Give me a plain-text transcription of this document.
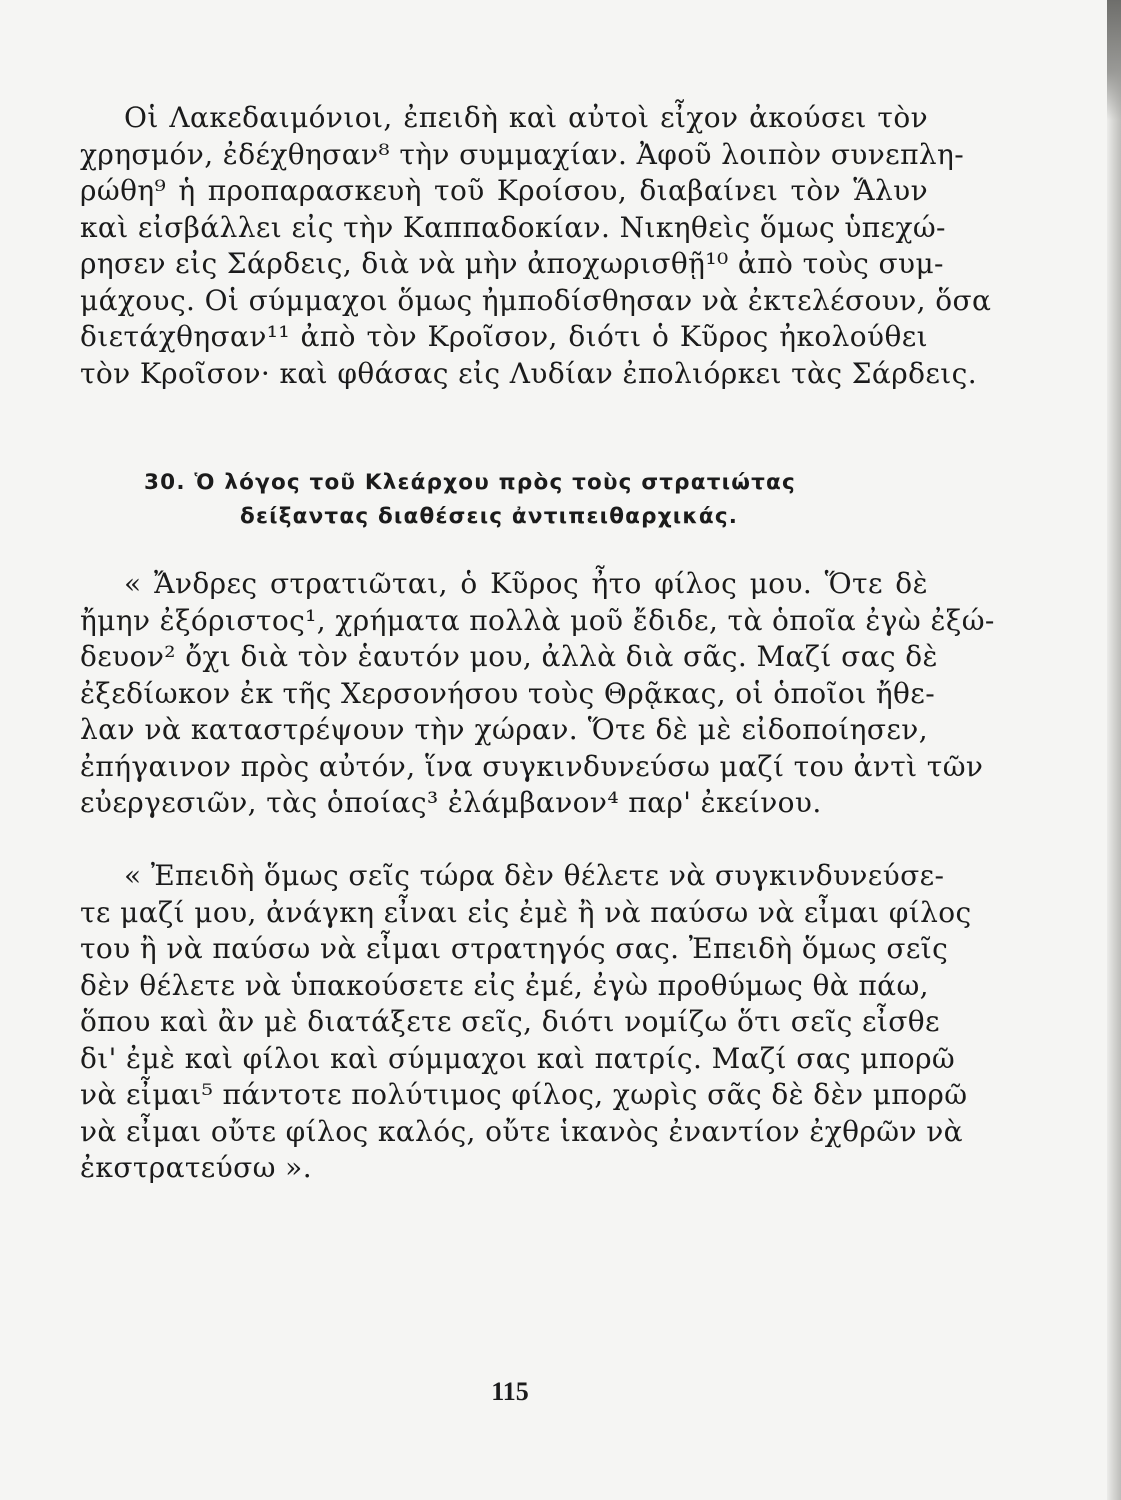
Οἱ Λακεδαιμόνιοι, ἐπειδὴ καὶ αὐτοὶ εἶχον ἀκούσει τὸν
χρησμόν, ἐδέχθησαν⁸ τὴν συμμαχίαν. Ἀφοῦ λοιπὸν συνεπλη-
ρώθη⁹ ἡ προπαρασκευὴ τοῦ Κροίσου, διαβαίνει τὸν Ἅλυν
καὶ εἰσβάλλει εἰς τὴν Καππαδοκίαν. Νικηθεὶς ὅμως ὑπεχώ-
ρησεν εἰς Σάρδεις, διὰ νὰ μὴν ἀποχωρισθῇ¹⁰ ἀπὸ τοὺς συμ-
μάχους. Οἱ σύμμαχοι ὅμως ἠμποδίσθησαν νὰ ἐκτελέσουν, ὅσα
διετάχθησαν¹¹ ἀπὸ τὸν Κροῖσον, διότι ὁ Κῦρος ἠκολούθει
τὸν Κροῖσον· καὶ φθάσας εἰς Λυδίαν ἐπολιόρκει τὰς Σάρδεις.
30. Ὁ λόγος τοῦ Κλεάρχου πρὸς τοὺς στρατιώτας
δείξαντας διαθέσεις ἀντιπειθαρχικάς.
« Ἄνδρες στρατιῶται, ὁ Κῦρος ἦτο φίλος μου. Ὅτε δὲ
ἤμην ἐξόριστος¹, χρήματα πολλὰ μοῦ ἔδιδε, τὰ ὁποῖα ἐγὼ ἐξώ-
δευον² ὄχι διὰ τὸν ἑαυτόν μου, ἀλλὰ διὰ σᾶς. Μαζί σας δὲ
ἐξεδίωκον ἐκ τῆς Χερσονήσου τοὺς Θρᾷκας, οἱ ὁποῖοι ἤθε-
λαν νὰ καταστρέψουν τὴν χώραν. Ὅτε δὲ μὲ εἰδοποίησεν,
ἐπήγαινον πρὸς αὐτόν, ἵνα συγκινδυνεύσω μαζί του ἀντὶ τῶν
εὐεργεσιῶν, τὰς ὁποίας³ ἐλάμβανον⁴ παρ' ἐκείνου.
« Ἐπειδὴ ὅμως σεῖς τώρα δὲν θέλετε νὰ συγκινδυνεύσε-
τε μαζί μου, ἀνάγκη εἶναι εἰς ἐμὲ ἢ νὰ παύσω νὰ εἶμαι φίλος
του ἢ νὰ παύσω νὰ εἶμαι στρατηγός σας. Ἐπειδὴ ὅμως σεῖς
δὲν θέλετε νὰ ὑπακούσετε εἰς ἐμέ, ἐγὼ προθύμως θὰ πάω,
ὅπου καὶ ἂν μὲ διατάξετε σεῖς, διότι νομίζω ὅτι σεῖς εἶσθε
δι' ἐμὲ καὶ φίλοι καὶ σύμμαχοι καὶ πατρίς. Μαζί σας μπορῶ
νὰ εἶμαι⁵ πάντοτε πολύτιμος φίλος, χωρὶς σᾶς δὲ δὲν μπορῶ
νὰ εἶμαι οὔτε φίλος καλός, οὔτε ἱκανὸς ἐναντίον ἐχθρῶν νὰ
ἐκστρατεύσω ».
115
